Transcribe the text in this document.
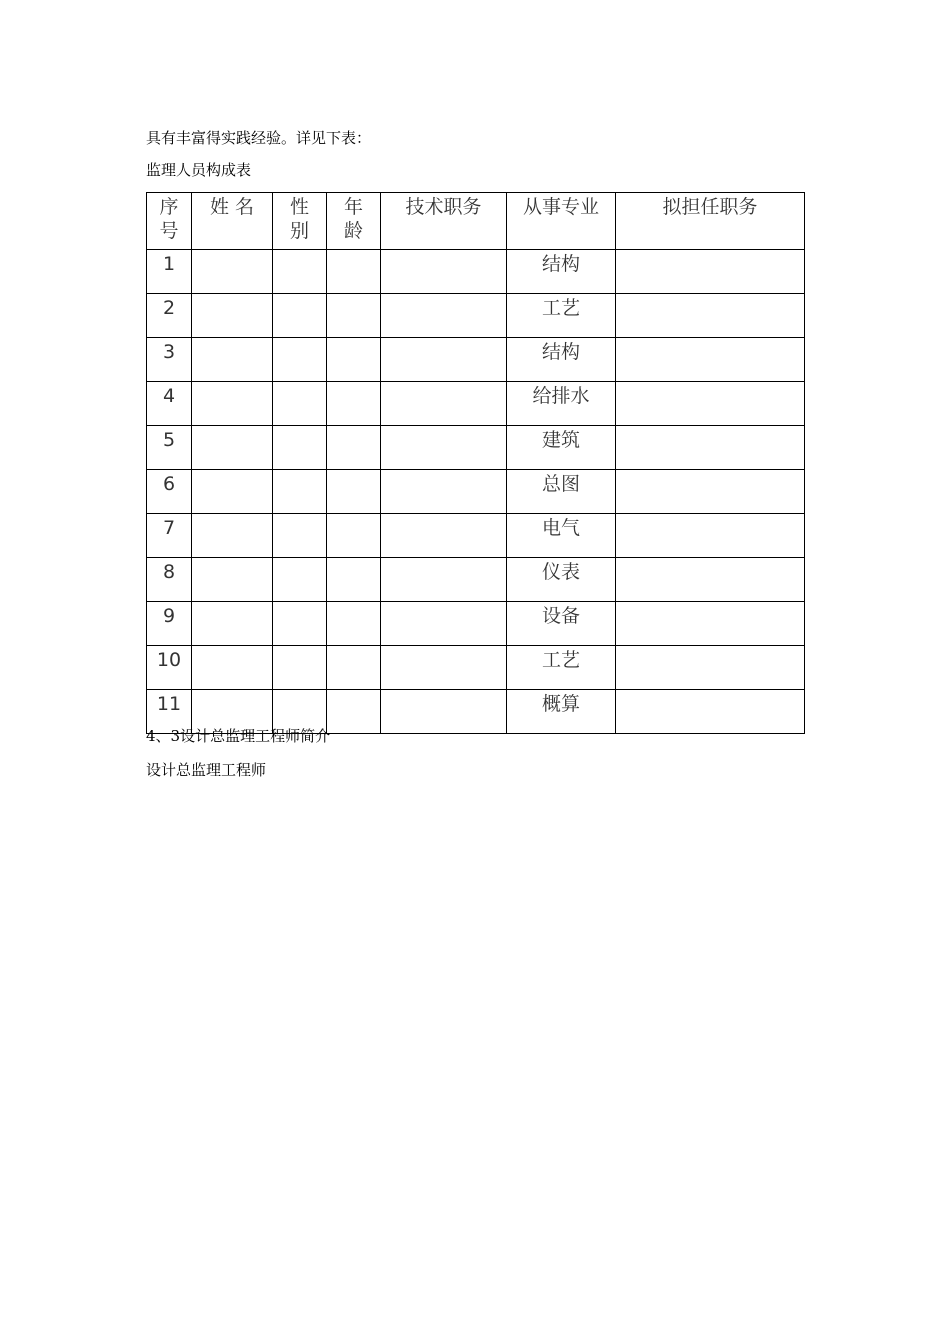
具有丰富得实践经验。详见下表：
监理人员构成表
序号	姓 名	性别	年龄	技术职务	从事专业	拟担任职务
1					结构	
2					工艺	
3					结构	
4					给排水	
5					建筑	
6					总图	
7					电气	
8					仪表	
9					设备	
10					工艺	
11					概算	
4、3设计总监理工程师简介
设计总监理工程师
